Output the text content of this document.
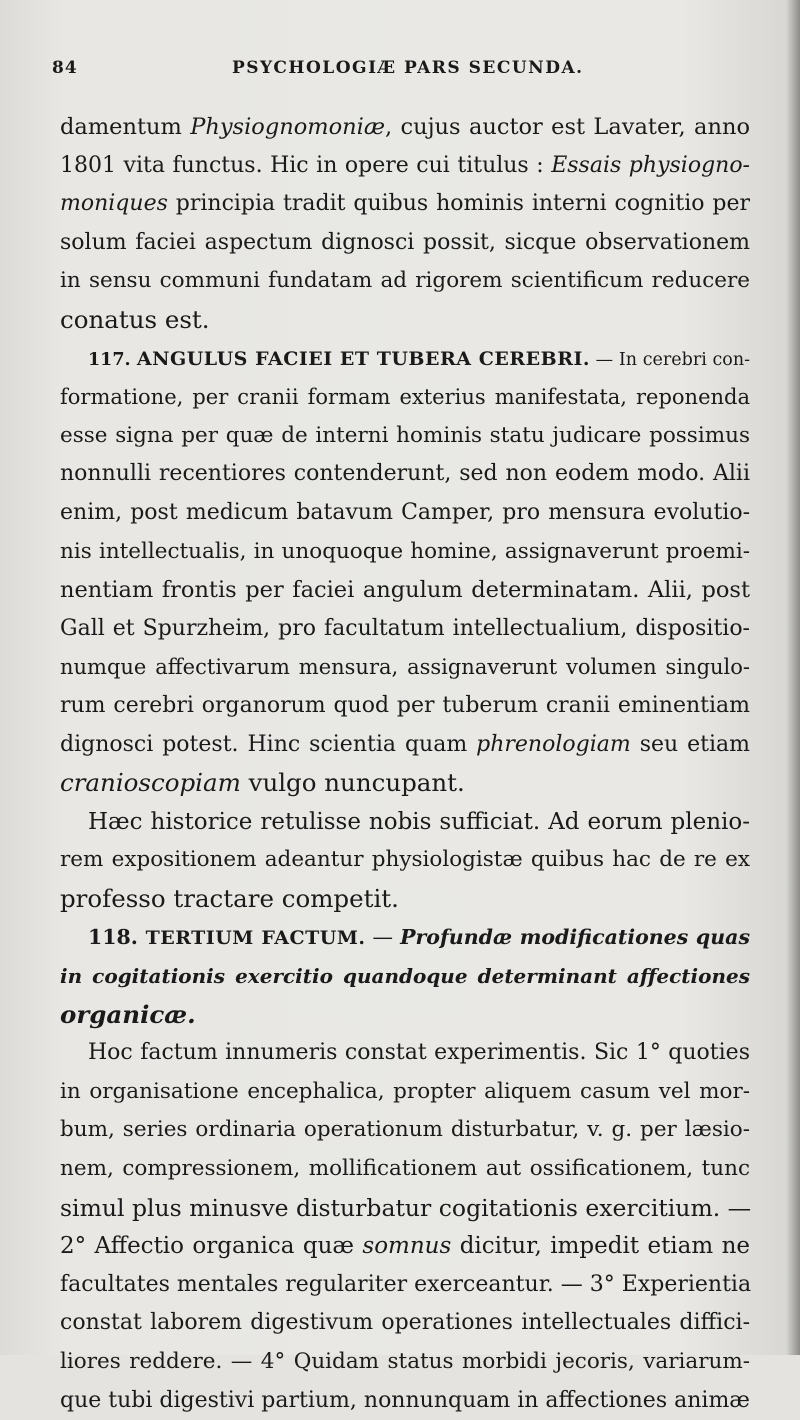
84	PSYCHOLOGIÆ PARS SECUNDA.
damentum Physiognomoniæ, cujus auctor est Lavater, anno
1801 vita functus. Hic in opere cui titulus : Essais physiogno-
moniques principia tradit quibus hominis interni cognitio per
solum faciei aspectum dignosci possit, sicque observationem
in sensu communi fundatam ad rigorem scientificum reducere
conatus est.
117. ANGULUS FACIEI ET TUBERA CEREBRI. — In cerebri con-
formatione, per cranii formam exterius manifestata, reponenda
esse signa per quæ de interni hominis statu judicare possimus
nonnulli recentiores contenderunt, sed non eodem modo. Alii
enim, post medicum batavum Camper, pro mensura evolutio-
nis intellectualis, in unoquoque homine, assignaverunt proemi-
nentiam frontis per faciei angulum determinatam. Alii, post
Gall et Spurzheim, pro facultatum intellectualium, dispositio-
numque affectivarum mensura, assignaverunt volumen singulo-
rum cerebri organorum quod per tuberum cranii eminentiam
dignosci potest. Hinc scientia quam phrenologiam seu etiam
cranioscopiam vulgo nuncupant.
Hæc historice retulisse nobis sufficiat. Ad eorum plenio-
rem expositionem adeantur physiologistæ quibus hac de re ex
professo tractare competit.
118. TERTIUM FACTUM. — Profundæ modificationes quas
in cogitationis exercitio quandoque determinant affectiones
organicæ.
Hoc factum innumeris constat experimentis. Sic 1° quoties
in organisatione encephalica, propter aliquem casum vel mor-
bum, series ordinaria operationum disturbatur, v. g. per læsio-
nem, compressionem, mollificationem aut ossificationem, tunc
simul plus minusve disturbatur cogitationis exercitium. —
2° Affectio organica quæ somnus dicitur, impedit etiam ne
facultates mentales regulariter exerceantur. — 3° Experientia
constat laborem digestivum operationes intellectuales diffici-
liores reddere. — 4° Quidam status morbidi jecoris, variarum-
que tubi digestivi partium, nonnunquam in affectiones animæ
